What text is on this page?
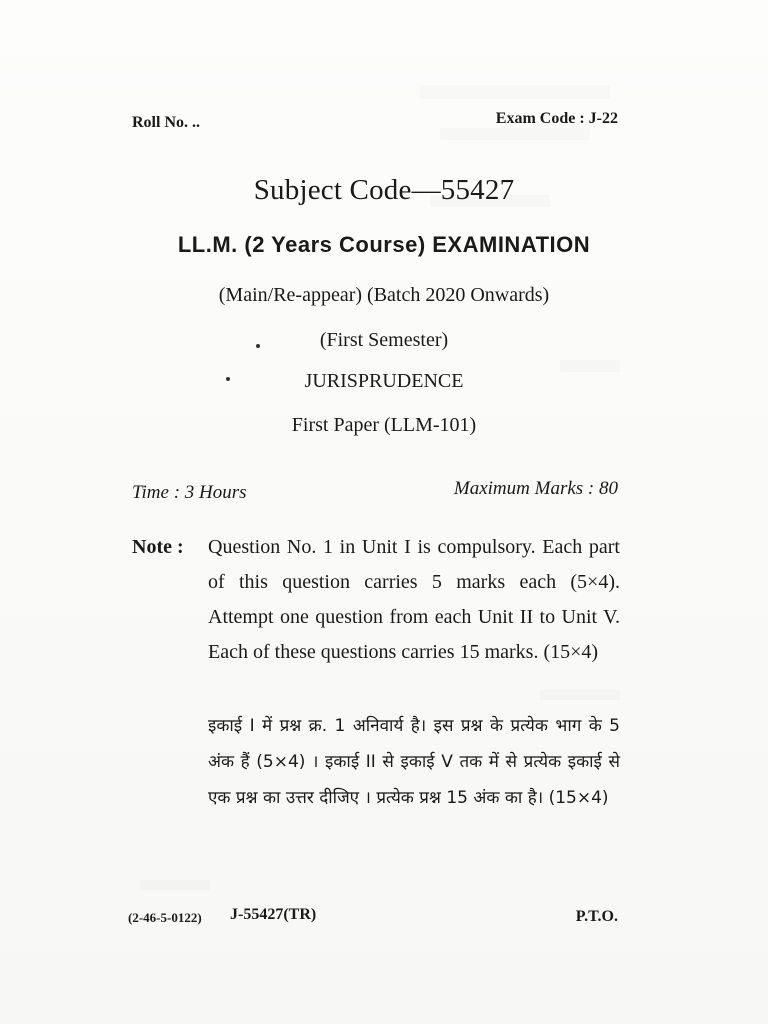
Roll No. ..	Exam Code : J-22
Subject Code—55427
LL.M. (2 Years Course) EXAMINATION
(Main/Re-appear) (Batch 2020 Onwards)
(First Semester)
JURISPRUDENCE
First Paper (LLM-101)
Time : 3 Hours	Maximum Marks : 80
Note : Question No. 1 in Unit I is compulsory. Each part of this question carries 5 marks each (5×4). Attempt one question from each Unit II to Unit V. Each of these questions carries 15 marks. (15×4)
इकाई I में प्रश्न क्र. 1 अनिवार्य है। इस प्रश्न के प्रत्येक भाग के 5 अंक हैं (5×4) । इकाई II से इकाई V तक में से प्रत्येक इकाई से एक प्रश्न का उत्तर दीजिए । प्रत्येक प्रश्न 15 अंक का है। (15×4)
(2-46-5-0122) J-55427(TR)	P.T.O.
